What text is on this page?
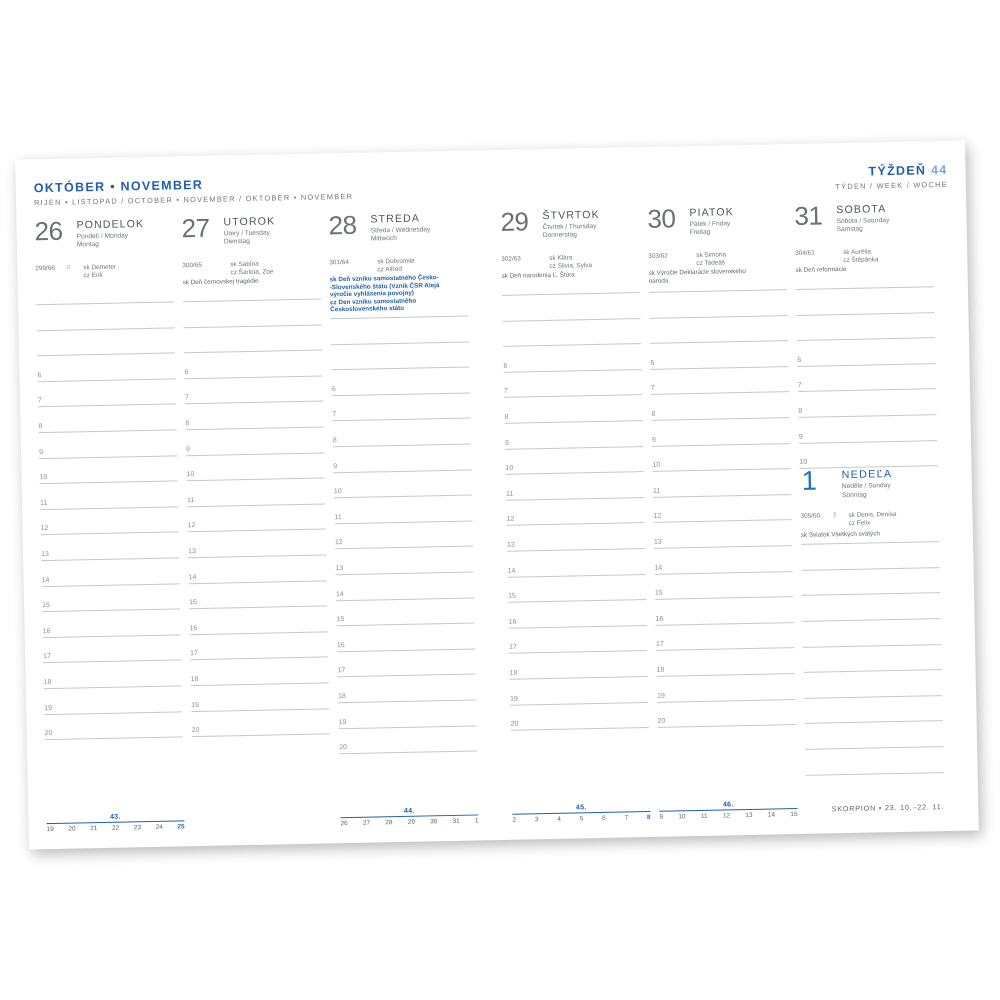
OKTÓBER • NOVEMBER
RIJEN • LISTOPAD / OCTOBER • NOVEMBER / OKTOBER • NOVEMBER
TÝŽDEŇ 44
TÝDEN / WEEK / WOCHE
26 PONDELOK
Pondelí / Monday
Montag
299/66 ☼ sk Demeter
cz Erik
6
7
8
9
10
11
12
13
14
15
16
17
18
19
20
43.
19 20 21 22 23 24 25
27 UTOROK
Úterý / Tuesday
Dienstag
300/65	sk Sabína
cz Šarlota, Zoe
sk Deň černovskej tragédie
6
7
8
9
10
11
12
13
14
15
16
17
18
19
20
28 STREDA
Středa / Wednesday
Mittwoch
301/64	sk Dobromila
cz Alfréd
sk Deň vzniku samostatného Česko-
-Slovenského štátu (Vznik ČSR Alejá
výročie vyhlásenia povojny)
cz Den vzniku samostatného
Československého státu
6
7
8
9
10
11
12
13
14
15
16
17
18
19
20
44.
26 27 28 29 30 31 1
29 ŠTVRTOK
Čtvrtek / Thursday
Donnerstag
302/63	sk Klára
cz Silvia, Sylva
sk Deň narodenia Ľ. Štúra
6
7
8
9
10
11
12
13
14
15
16
17
18
19
20
45.
2	3	4	5	6	7	8
30 PIATOK
Pátek / Friday
Freitag
303/62	sk Simona
cz Tadeáš
sk Výročie Deklarácie slovenského
národa
6
7
8
9
10
11
12
13
14
15
16
17
18
19
20
46.
9 10 11 12 13 14 15
31 SOBOTA
Sobota / Saturday
Samstag
304/61	sk Aurélia
cz Štěpánka
sk Deň reformácie
6
7
8
9
10
1 NEDEĽA
Neděle / Sunday
Sonntag
305/60 ☽ sk Denis, Denisa
cz Felix
sk Sviatok Všetkých svätých
SKORPION • 23. 10.–22. 11.
